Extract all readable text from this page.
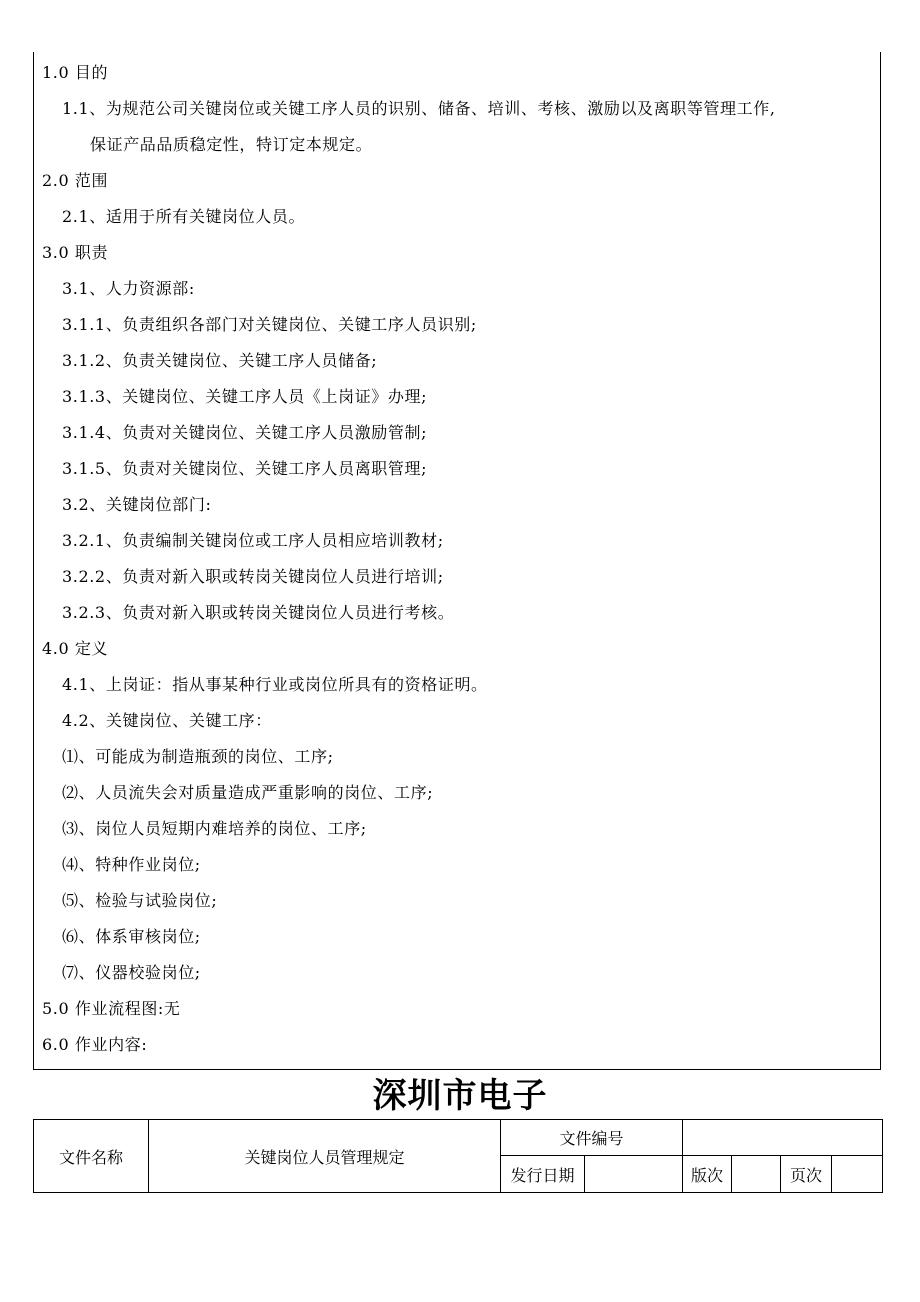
1.0 目的
1.1、为规范公司关键岗位或关键工序人员的识别、储备、培训、考核、激励以及离职等管理工作,
保证产品品质稳定性，特订定本规定。
2.0 范围
2.1、适用于所有关键岗位人员。
3.0 职责
3.1、人力资源部:
3.1.1、负责组织各部门对关键岗位、关键工序人员识别;
3.1.2、负责关键岗位、关键工序人员储备;
3.1.3、关键岗位、关键工序人员《上岗证》办理;
3.1.4、负责对关键岗位、关键工序人员激励管制;
3.1.5、负责对关键岗位、关键工序人员离职管理;
3.2、关键岗位部门:
3.2.1、负责编制关键岗位或工序人员相应培训教材;
3.2.2、负责对新入职或转岗关键岗位人员进行培训;
3.2.3、负责对新入职或转岗关键岗位人员进行考核。
4.0 定义
4.1、上岗证：指从事某种行业或岗位所具有的资格证明。
4.2、关键岗位、关键工序：
⑴、可能成为制造瓶颈的岗位、工序;
⑵、人员流失会对质量造成严重影响的岗位、工序;
⑶、岗位人员短期内难培养的岗位、工序;
⑷、特种作业岗位;
⑸、检验与试验岗位;
⑹、体系审核岗位;
⑺、仪器校验岗位;
5.0 作业流程图:无
6.0 作业内容:
深圳市电子
文件名称	关键岗位人员管理规定	文件编号					
		发行日期		版次		页次	
